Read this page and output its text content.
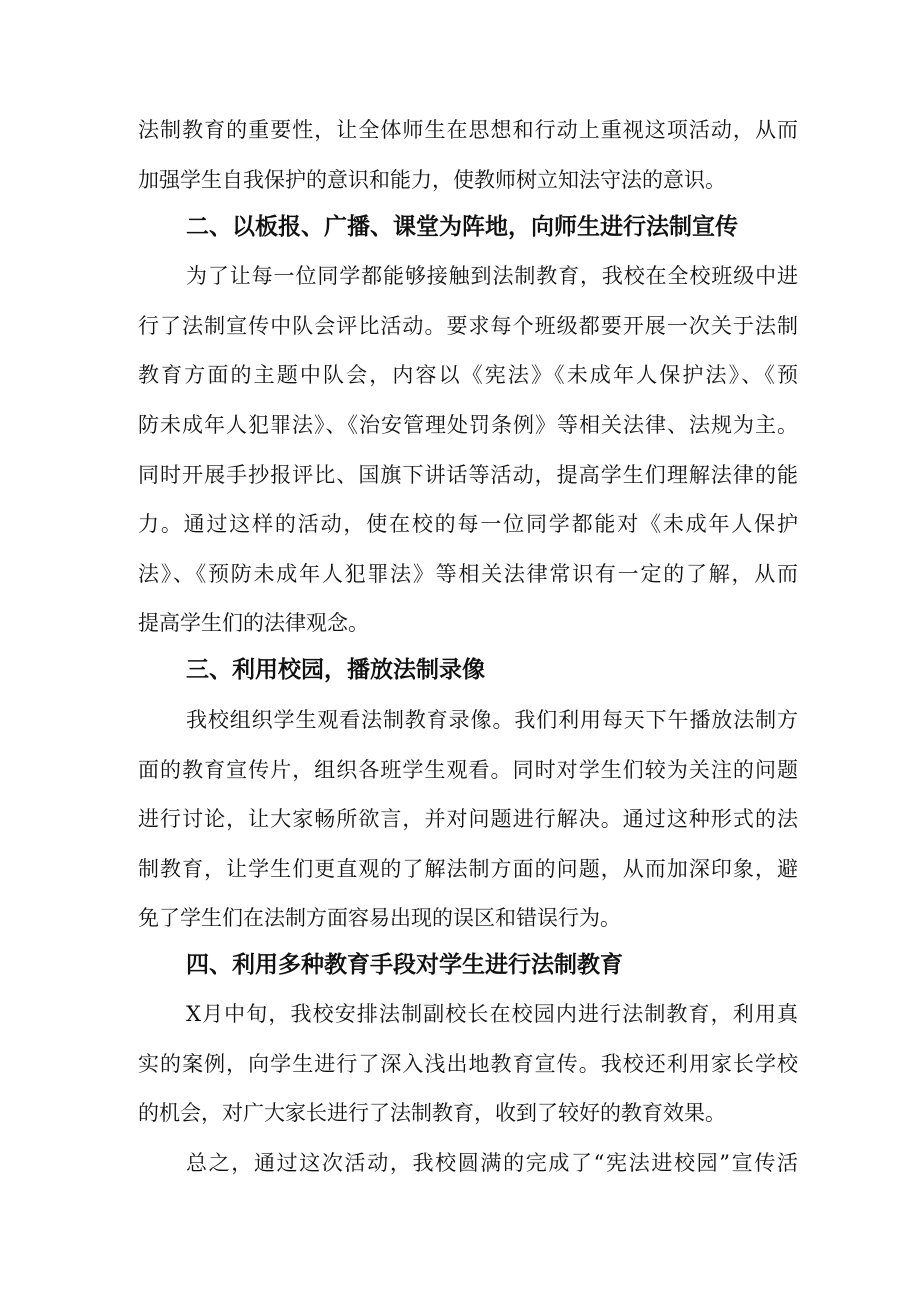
法制教育的重要性，让全体师生在思想和行动上重视这项活动，从而
加强学生自我保护的意识和能力，使教师树立知法守法的意识。
二、以板报、广播、课堂为阵地，向师生进行法制宣传
为了让每一位同学都能够接触到法制教育，我校在全校班级中进
行了法制宣传中队会评比活动。要求每个班级都要开展一次关于法制
教育方面的主题中队会，内容以《宪法》《未成年人保护法》、《预
防未成年人犯罪法》、《治安管理处罚条例》等相关法律、法规为主。
同时开展手抄报评比、国旗下讲话等活动，提高学生们理解法律的能
力。通过这样的活动，使在校的每一位同学都能对《未成年人保护
法》、《预防未成年人犯罪法》等相关法律常识有一定的了解，从而
提高学生们的法律观念。
三、利用校园，播放法制录像
我校组织学生观看法制教育录像。我们利用每天下午播放法制方
面的教育宣传片，组织各班学生观看。同时对学生们较为关注的问题
进行讨论，让大家畅所欲言，并对问题进行解决。通过这种形式的法
制教育，让学生们更直观的了解法制方面的问题，从而加深印象，避
免了学生们在法制方面容易出现的误区和错误行为。
四、利用多种教育手段对学生进行法制教育
X月中旬，我校安排法制副校长在校园内进行法制教育，利用真
实的案例，向学生进行了深入浅出地教育宣传。我校还利用家长学校
的机会，对广大家长进行了法制教育，收到了较好的教育效果。
总之，通过这次活动，我校圆满的完成了“宪法进校园”宣传活
